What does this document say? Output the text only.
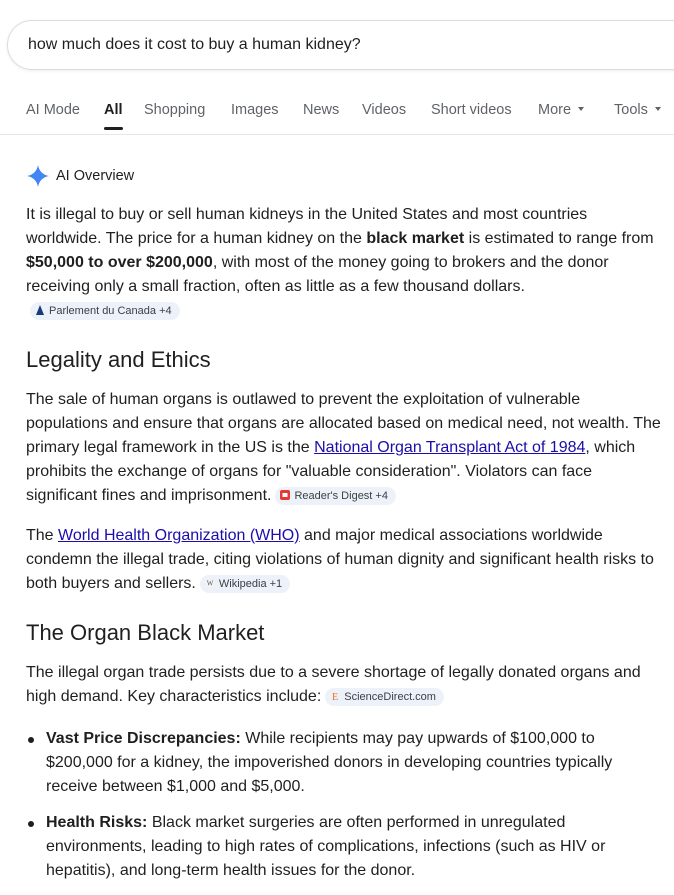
how much does it cost to buy a human kidney?
AI Mode All Shopping Images News Videos Short videos More	Tools
AI Overview

It is illegal to buy or sell human kidneys in the United States and most countries worldwide. The price for a human kidney on the black market is estimated to range from $50,000 to over $200,000, with most of the money going to brokers and the donor receiving only a small fraction, often as little as a few thousand dollars.Parlement du Canada +4

Legality and Ethics

The sale of human organs is outlawed to prevent the exploitation of vulnerable populations and ensure that organs are allocated based on medical need, not wealth. The primary legal framework in the US is the National Organ Transplant Act of 1984, which prohibits the exchange of organs for "valuable consideration". Violators can face significant fines and imprisonment. Reader's Digest +4

The World Health Organization (WHO) and major medical associations worldwide condemn the illegal trade, citing violations of human dignity and significant health risks to both buyers and sellers. W Wikipedia +1

The Organ Black Market

The illegal organ trade persists due to a severe shortage of legally donated organs and high demand. Key characteristics include: E ScienceDirect.com

Vast Price Discrepancies: While recipients may pay upwards of $100,000 to $200,000 for a kidney, the impoverished donors in developing countries typically receive between $1,000 and $5,000.
Health Risks: Black market surgeries are often performed in unregulated environments, leading to high rates of complications, infections (such as HIV or hepatitis), and long-term health issues for the donor.
